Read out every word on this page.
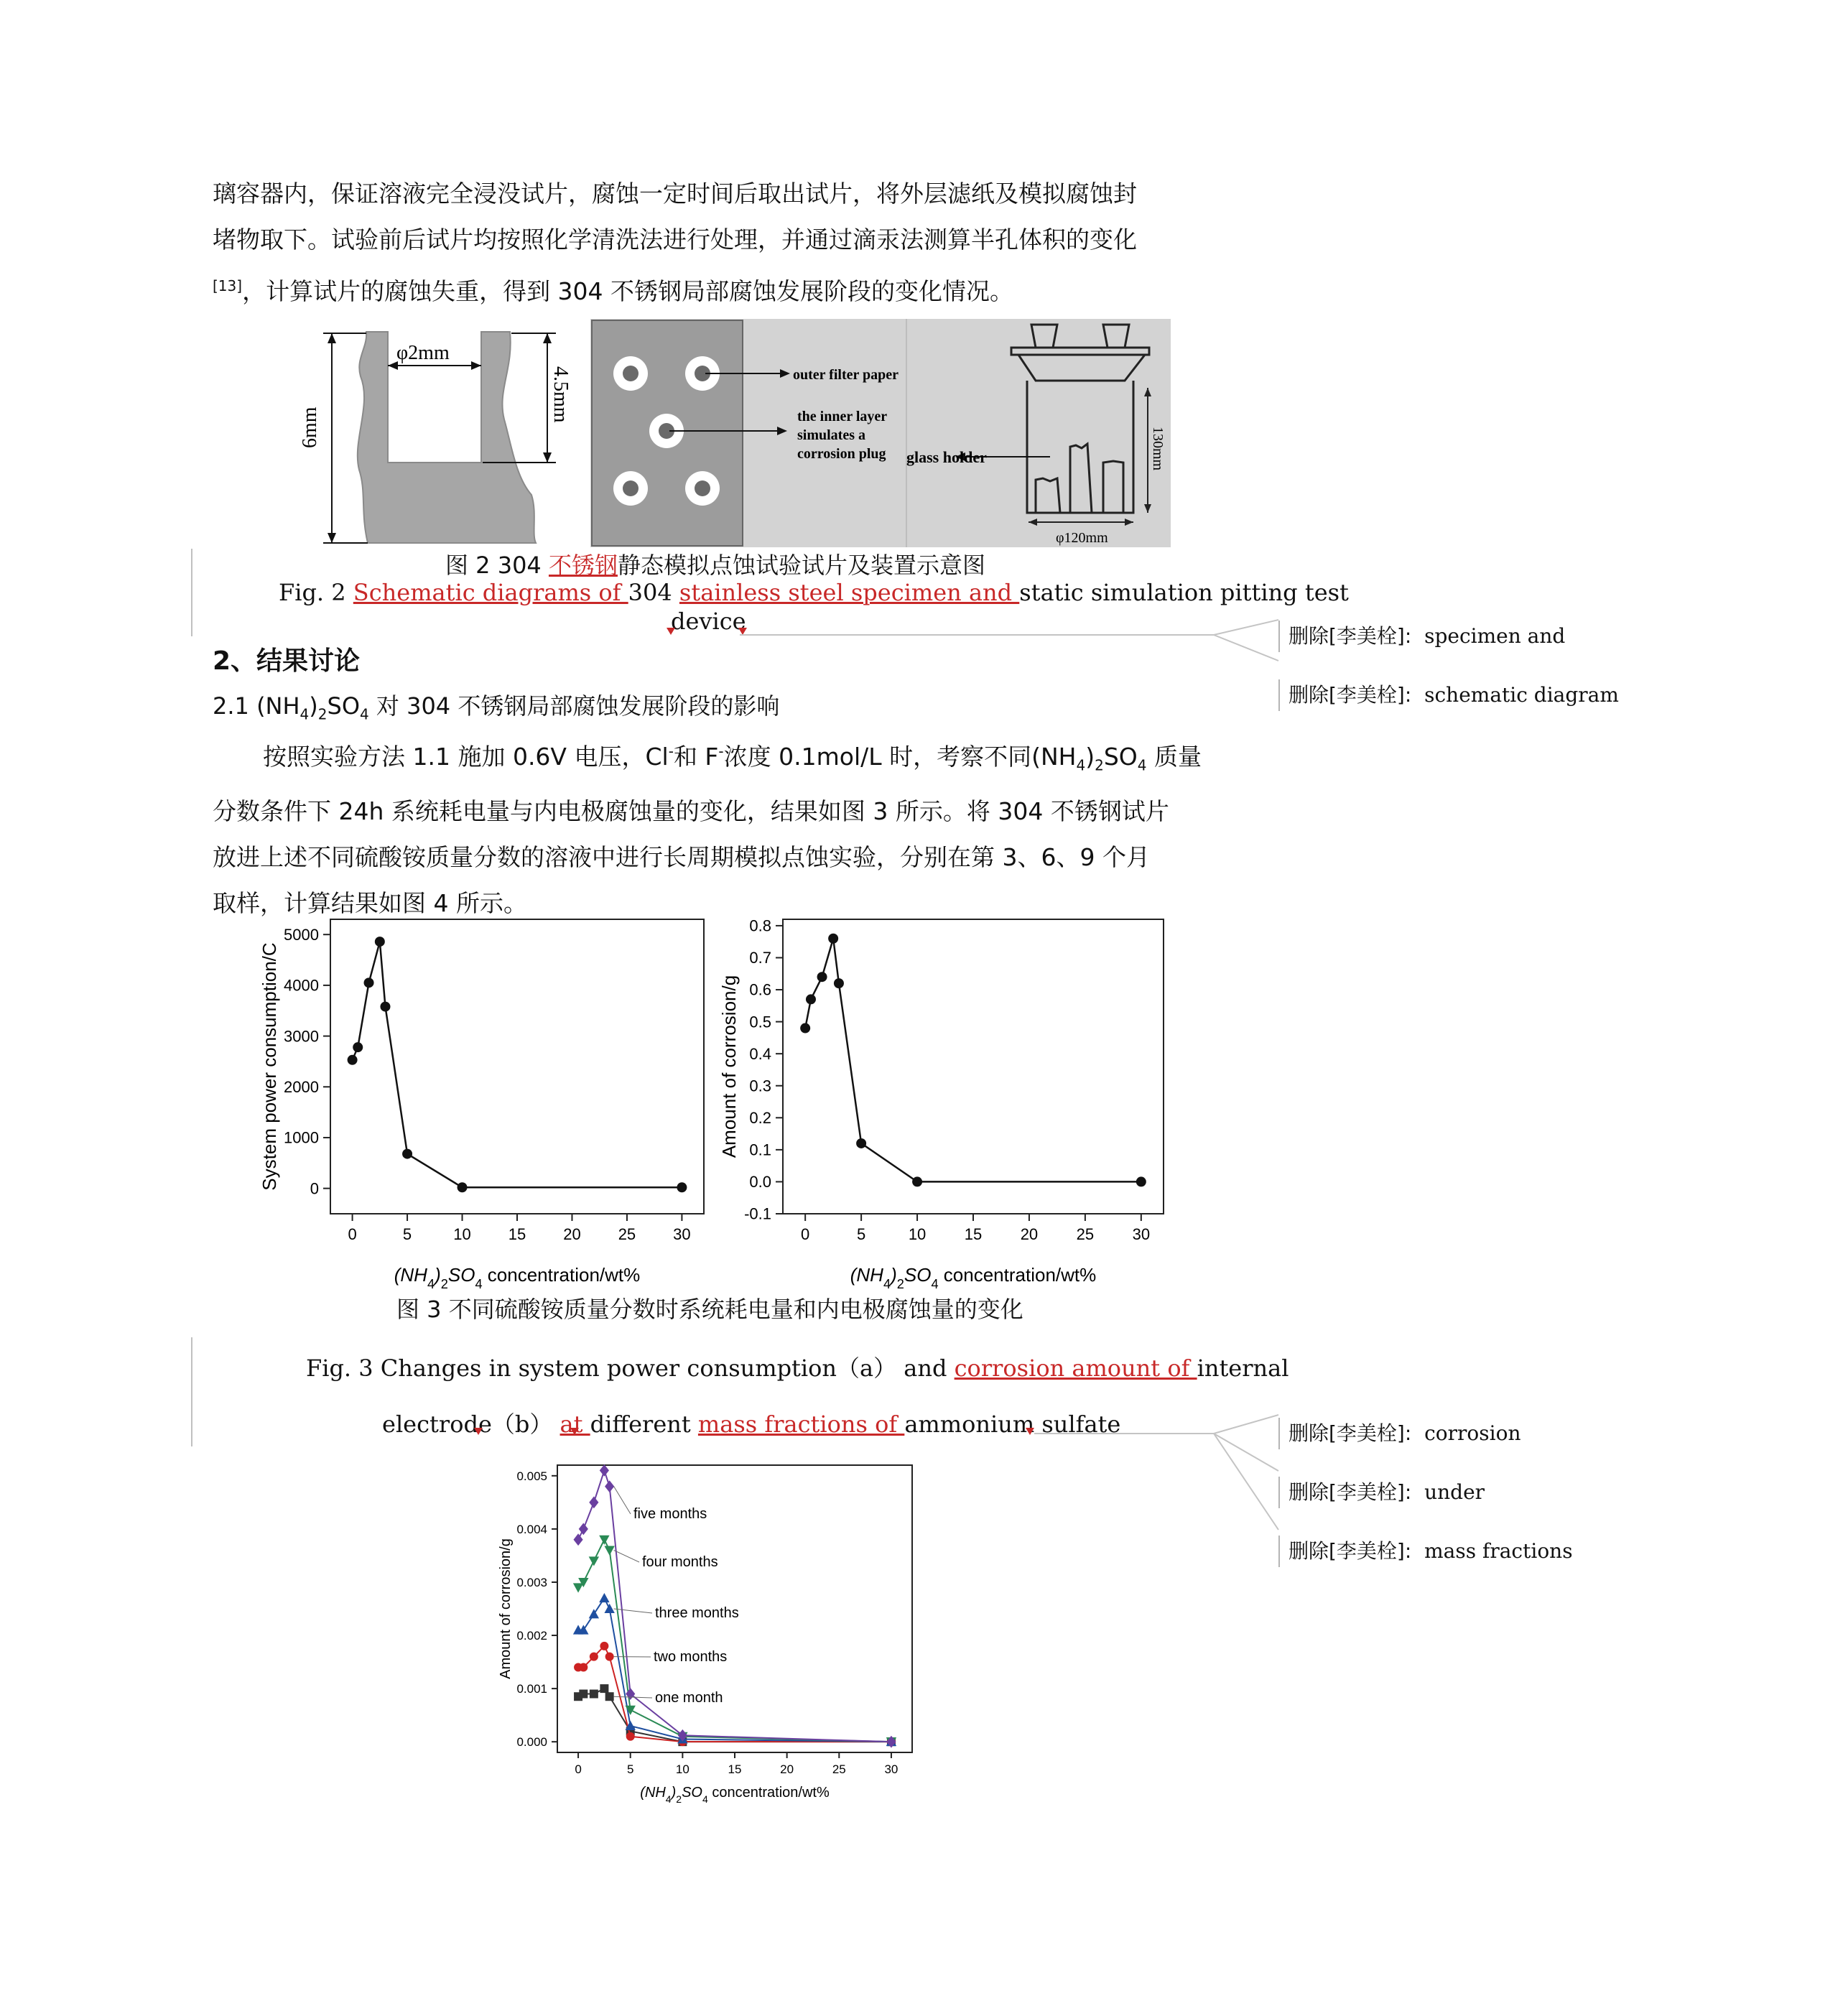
璃容器内，保证溶液完全浸没试片，腐蚀一定时间后取出试片，将外层滤纸及模拟腐蚀封
堵物取下。试验前后试片均按照化学清洗法进行处理，并通过滴汞法测算半孔体积的变化
[13]，计算试片的腐蚀失重，得到 304 不锈钢局部腐蚀发展阶段的变化情况。
6mm
φ2mm
4.5mm	outer filter paper
the inner layer
simulates a
corrosion plug
φ120mm
130mm
glass holder
图 2 304 不锈钢静态模拟点蚀试验试片及装置示意图
Fig. 2 Schematic diagrams of 304 stainless steel specimen and static simulation pitting test
device
2、结果讨论
2.1 $(NH_4)_2SO_4$ 对 304 不锈钢局部腐蚀发展阶段的影响
按照实验方法 1.1 施加 0.6V 电压，Cl-和 F-浓度 0.1mol/L 时，考察不同$(NH_4)_2SO_4$ 质量
分数条件下 24h 系统耗电量与内电极腐蚀量的变化，结果如图 3 所示。将 304 不锈钢试片
放进上述不同硫酸铵质量分数的溶液中进行长周期模拟点蚀实验，分别在第 3、6、9 个月
取样，计算结果如图 4 所示。
0	5	10 15 20 25 30
0
1000
2000
3000
4000
5000
System power consumption/C
$(NH_4)_2SO_4$ concentration/wt%
0	5	10 15 20 25 30
-0.1
0.0
0.1
0.2
0.3
0.4
0.5
0.6
0.7
0.8
Amount of corrosion/g
$(NH_4)_2SO_4$ concentration/wt%
图 3 不同硫酸铵质量分数时系统耗电量和内电极腐蚀量的变化
Fig. 3 Changes in system power consumption（a） and corrosion amount of internal
electrode（b） at different mass fractions of ammonium sulfate
0	5	10	15	20	25	30
0.000
0.001
0.002
0.003
0.004
0.005
Amount of corrosion/g
$(NH_4)_2SO_4$ concentration/wt%
one month
two months
three months
four months
five months
删除[李美栓]: specimen and
删除[李美栓]: schematic diagram
删除[李美栓]: corrosion
删除[李美栓]: under
删除[李美栓]: mass fractions
